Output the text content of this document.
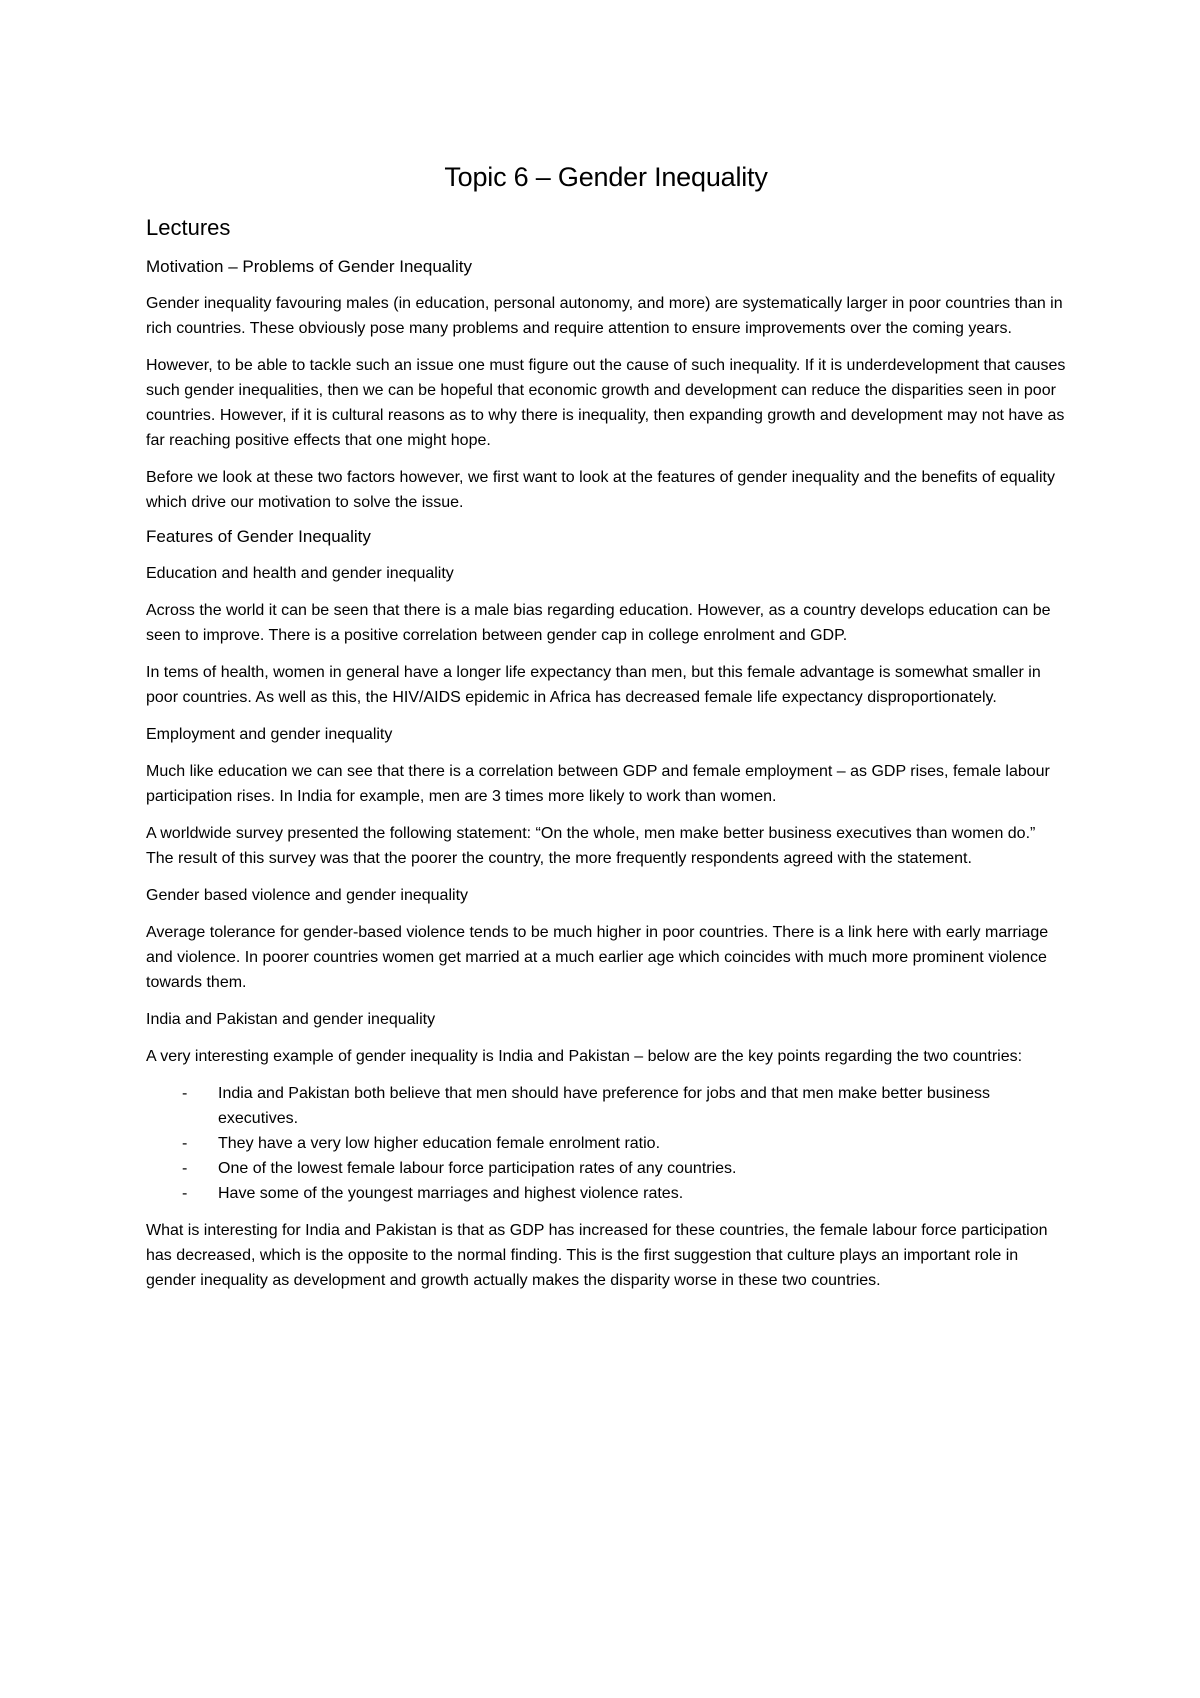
Topic 6 – Gender Inequality
Lectures
Motivation – Problems of Gender Inequality

Gender inequality favouring males (in education, personal autonomy, and more) are systematically larger in poor countries than in rich countries. These obviously pose many problems and require attention to ensure improvements over the coming years.

However, to be able to tackle such an issue one must figure out the cause of such inequality. If it is underdevelopment that causes such gender inequalities, then we can be hopeful that economic growth and development can reduce the disparities seen in poor countries. However, if it is cultural reasons as to why there is inequality, then expanding growth and development may not have as far reaching positive effects that one might hope.

Before we look at these two factors however, we first want to look at the features of gender inequality and the benefits of equality which drive our motivation to solve the issue.

Features of Gender Inequality

Education and health and gender inequality

Across the world it can be seen that there is a male bias regarding education. However, as a country develops education can be seen to improve. There is a positive correlation between gender cap in college enrolment and GDP.

In tems of health, women in general have a longer life expectancy than men, but this female advantage is somewhat smaller in poor countries. As well as this, the HIV/AIDS epidemic in Africa has decreased female life expectancy disproportionately.

Employment and gender inequality

Much like education we can see that there is a correlation between GDP and female employment – as GDP rises, female labour participation rises. In India for example, men are 3 times more likely to work than women.

A worldwide survey presented the following statement: “On the whole, men make better business executives than women do.” The result of this survey was that the poorer the country, the more frequently respondents agreed with the statement.

Gender based violence and gender inequality

Average tolerance for gender-based violence tends to be much higher in poor countries. There is a link here with early marriage and violence. In poorer countries women get married at a much earlier age which coincides with much more prominent violence towards them.

India and Pakistan and gender inequality

A very interesting example of gender inequality is India and Pakistan – below are the key points regarding the two countries:

- India and Pakistan both believe that men should have preference for jobs and that men make better business executives.
- They have a very low higher education female enrolment ratio.
- One of the lowest female labour force participation rates of any countries.
- Have some of the youngest marriages and highest violence rates.

What is interesting for India and Pakistan is that as GDP has increased for these countries, the female labour force participation has decreased, which is the opposite to the normal finding. This is the first suggestion that culture plays an important role in gender inequality as development and growth actually makes the disparity worse in these two countries.
